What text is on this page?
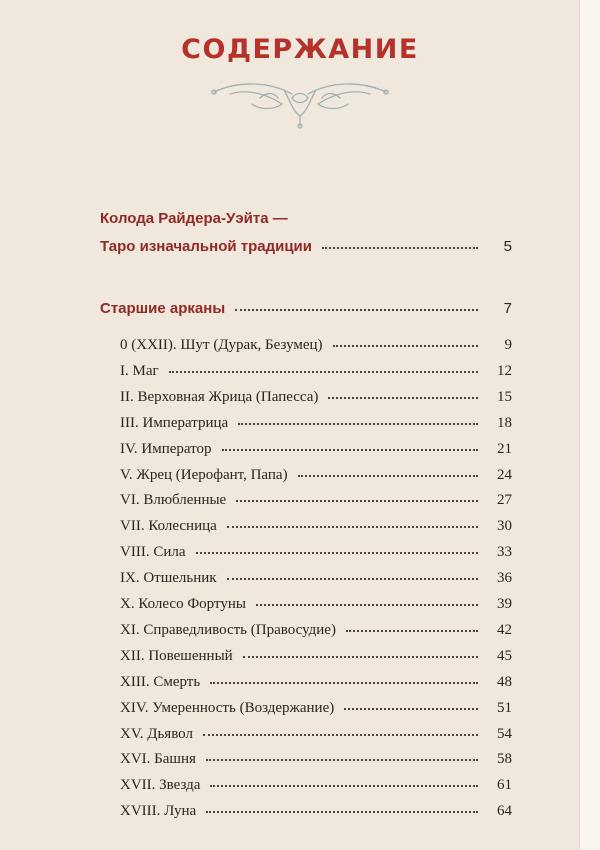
СОДЕРЖАНИЕ
Колода Райдера-Уэйта —
Таро изначальной традиции	5
Старшие арканы	7
0 (XXII). Шут (Дурак, Безумец)	9
I. Маг	12
II. Верховная Жрица (Папесса)	15
III. Императрица	18
IV. Император	21
V. Жрец (Иерофант, Папа)	24
VI. Влюбленные	27
VII. Колесница	30
VIII. Сила	33
IX. Отшельник	36
X. Колесо Фортуны	39
XI. Справедливость (Правосудие)	42
XII. Повешенный	45
XIII. Смерть	48
XIV. Умеренность (Воздержание)	51
XV. Дьявол	54
XVI. Башня	58
XVII. Звезда	61
XVIII. Луна	64
